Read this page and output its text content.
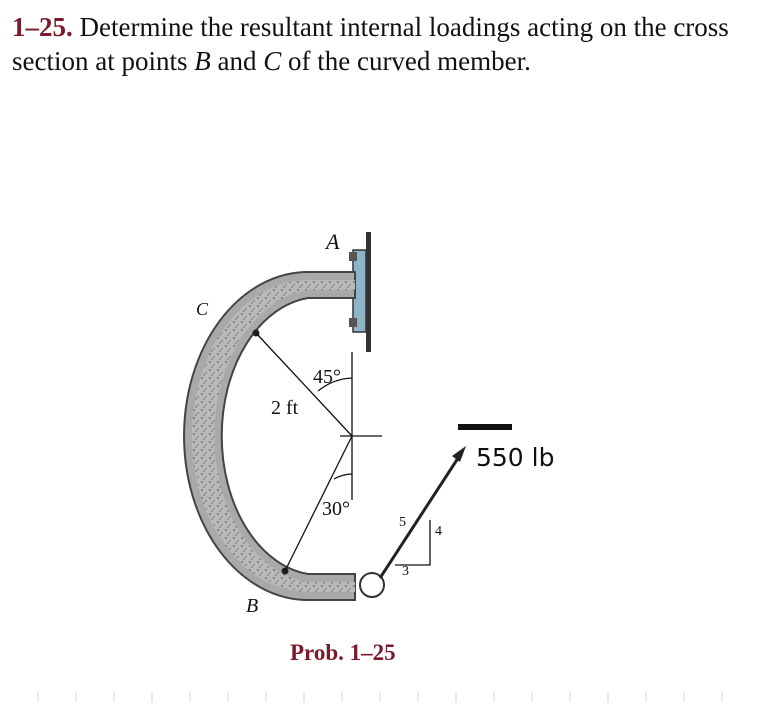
1–25. Determine the resultant internal loadings acting on the cross section at points B and C of the curved member.
A
C
B
2 ft
45°
30°
5
4
3
550 lb
Prob. 1–25
